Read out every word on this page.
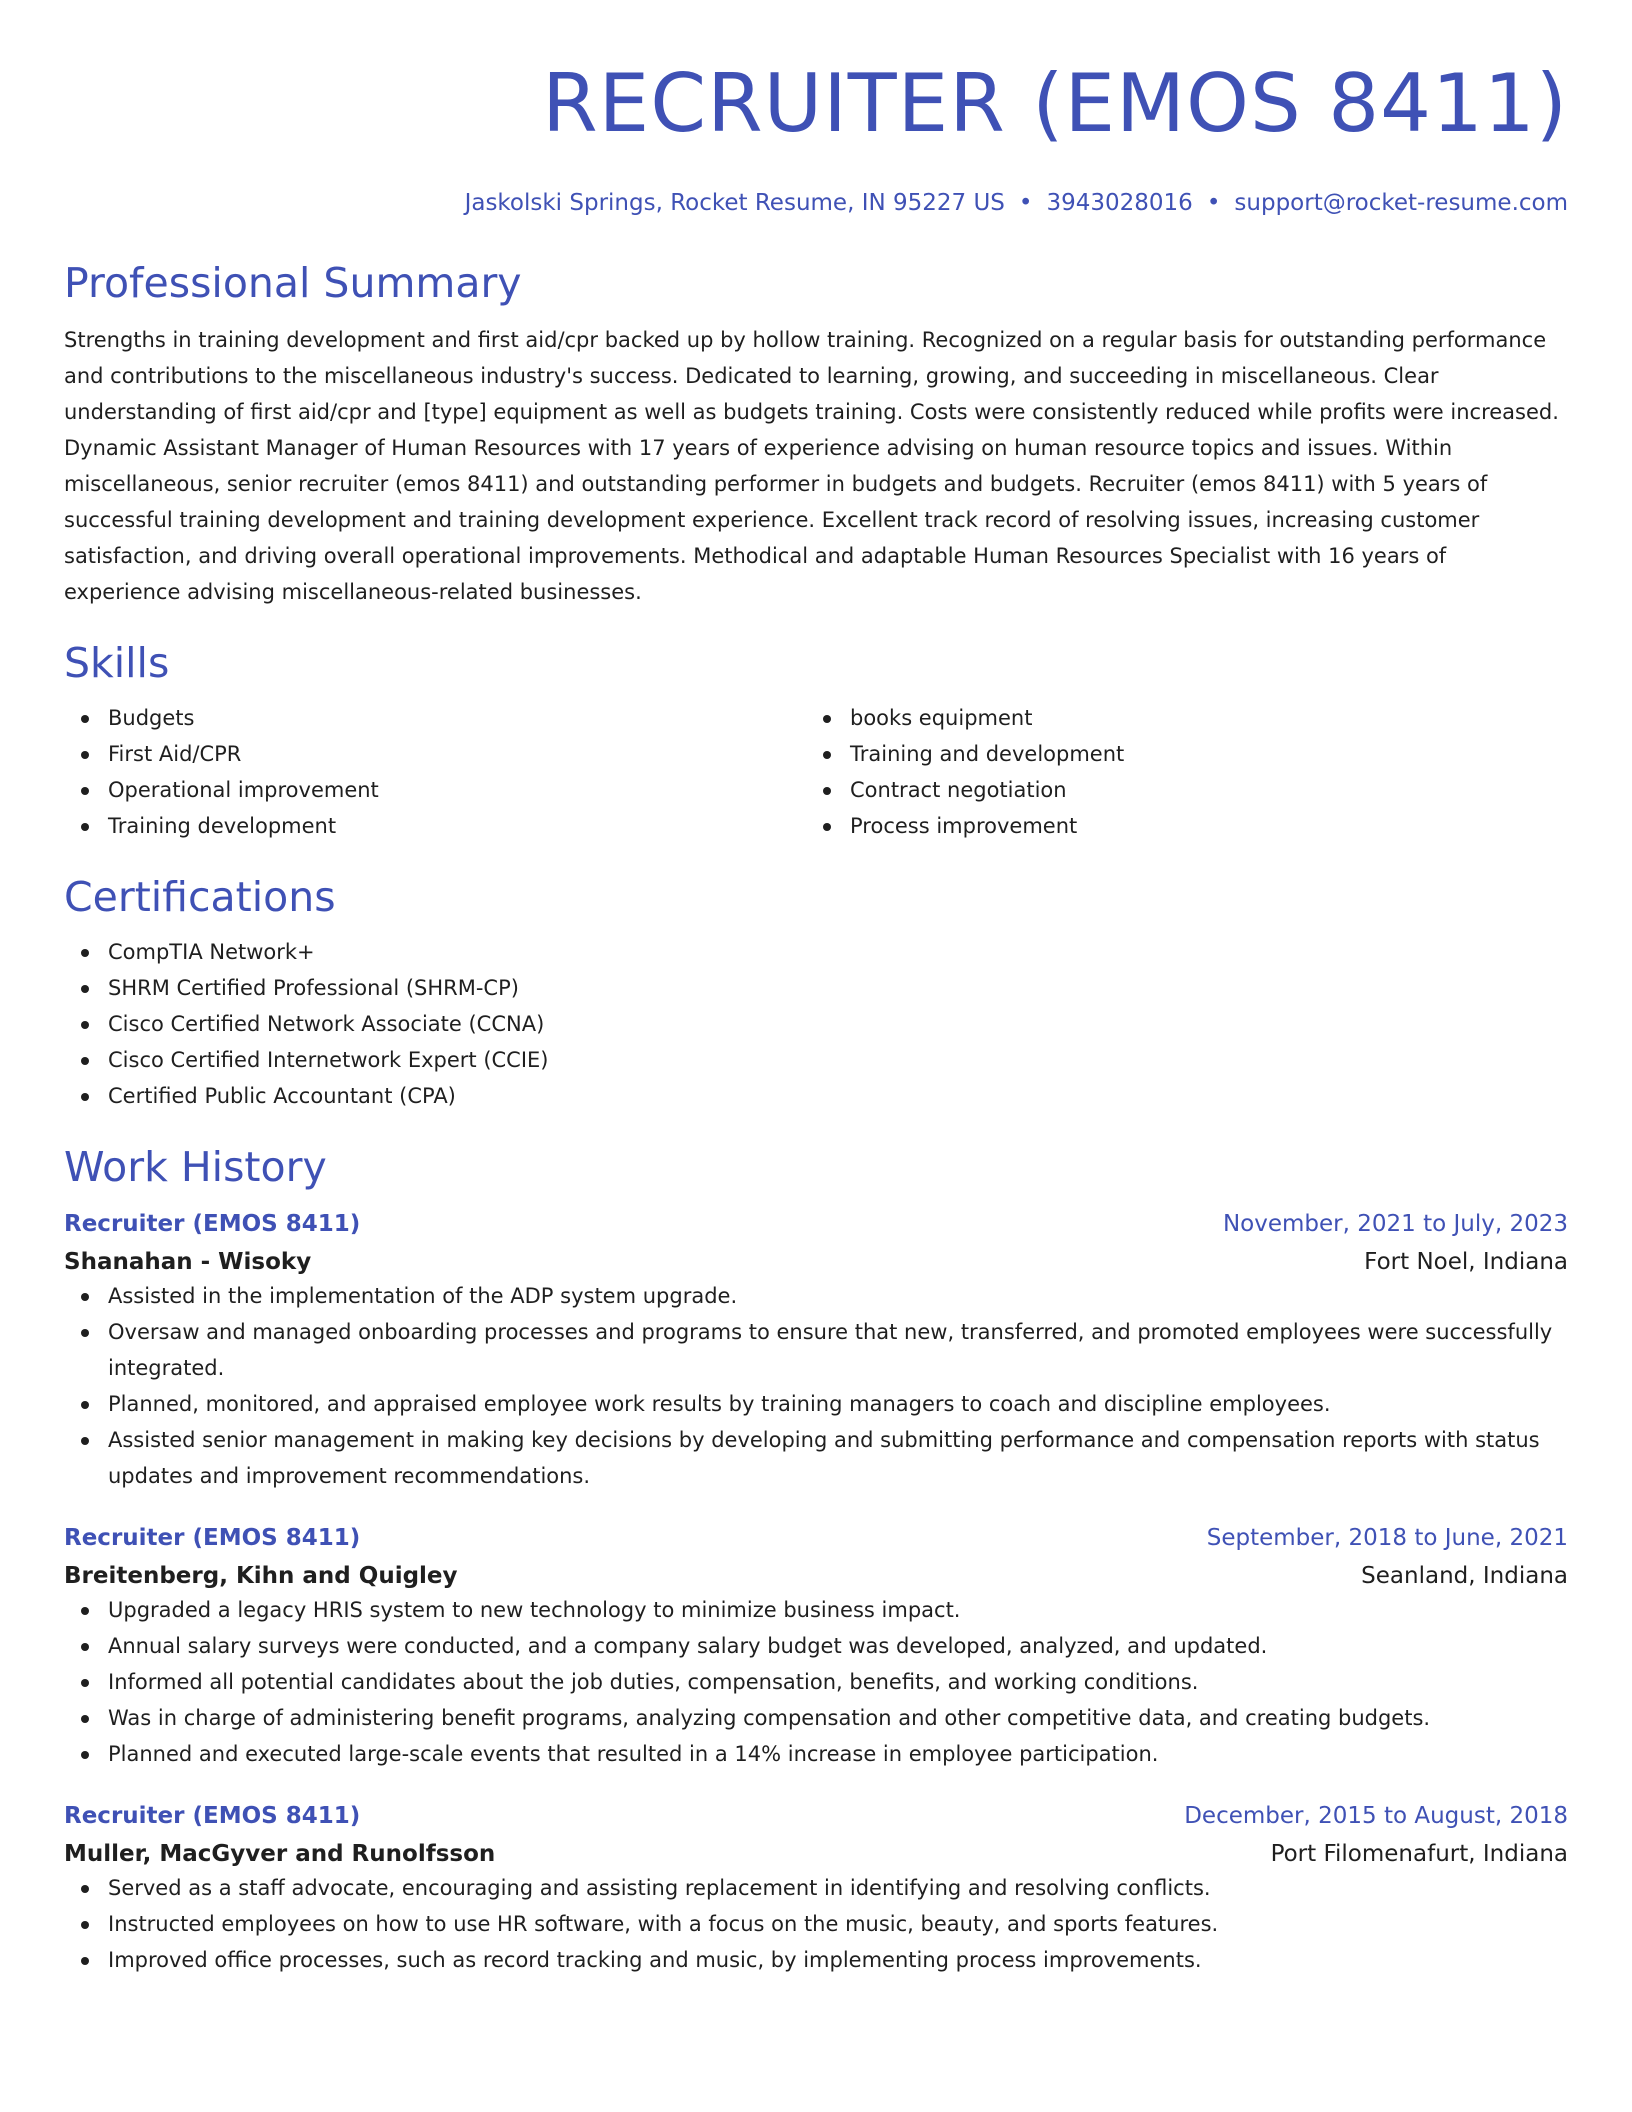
RECRUITER (EMOS 8411)
Jaskolski Springs, Rocket Resume, IN 95227 US • 3943028016 • support@rocket-resume.com
Professional Summary
Strengths in training development and first aid/cpr backed up by hollow training. Recognized on a regular basis for outstanding performance and contributions to the miscellaneous industry's success. Dedicated to learning, growing, and succeeding in miscellaneous. Clear understanding of first aid/cpr and [type] equipment as well as budgets training. Costs were consistently reduced while profits were increased. Dynamic Assistant Manager of Human Resources with 17 years of experience advising on human resource topics and issues. Within miscellaneous, senior recruiter (emos 8411) and outstanding performer in budgets and budgets. Recruiter (emos 8411) with 5 years of successful training development and training development experience. Excellent track record of resolving issues, increasing customer satisfaction, and driving overall operational improvements. Methodical and adaptable Human Resources Specialist with 16 years of experience advising miscellaneous-related businesses.
Skills
Budgets
First Aid/CPR
Operational improvement
Training development
books equipment
Training and development
Contract negotiation
Process improvement
Certifications
CompTIA Network+
SHRM Certified Professional (SHRM-CP)
Cisco Certified Network Associate (CCNA)
Cisco Certified Internetwork Expert (CCIE)
Certified Public Accountant (CPA)
Work History
Recruiter (EMOS 8411)	November, 2021 to July, 2023
Shanahan - Wisoky	Fort Noel, Indiana
Assisted in the implementation of the ADP system upgrade.
Oversaw and managed onboarding processes and programs to ensure that new, transferred, and promoted employees were successfully integrated.
Planned, monitored, and appraised employee work results by training managers to coach and discipline employees.
Assisted senior management in making key decisions by developing and submitting performance and compensation reports with status updates and improvement recommendations.
Recruiter (EMOS 8411)	September, 2018 to June, 2021
Breitenberg, Kihn and Quigley	Seanland, Indiana
Upgraded a legacy HRIS system to new technology to minimize business impact.
Annual salary surveys were conducted, and a company salary budget was developed, analyzed, and updated.
Informed all potential candidates about the job duties, compensation, benefits, and working conditions.
Was in charge of administering benefit programs, analyzing compensation and other competitive data, and creating budgets.
Planned and executed large-scale events that resulted in a 14% increase in employee participation.
Recruiter (EMOS 8411)	December, 2015 to August, 2018
Muller, MacGyver and Runolfsson	Port Filomenafurt, Indiana
Served as a staff advocate, encouraging and assisting replacement in identifying and resolving conflicts.
Instructed employees on how to use HR software, with a focus on the music, beauty, and sports features.
Improved office processes, such as record tracking and music, by implementing process improvements.
